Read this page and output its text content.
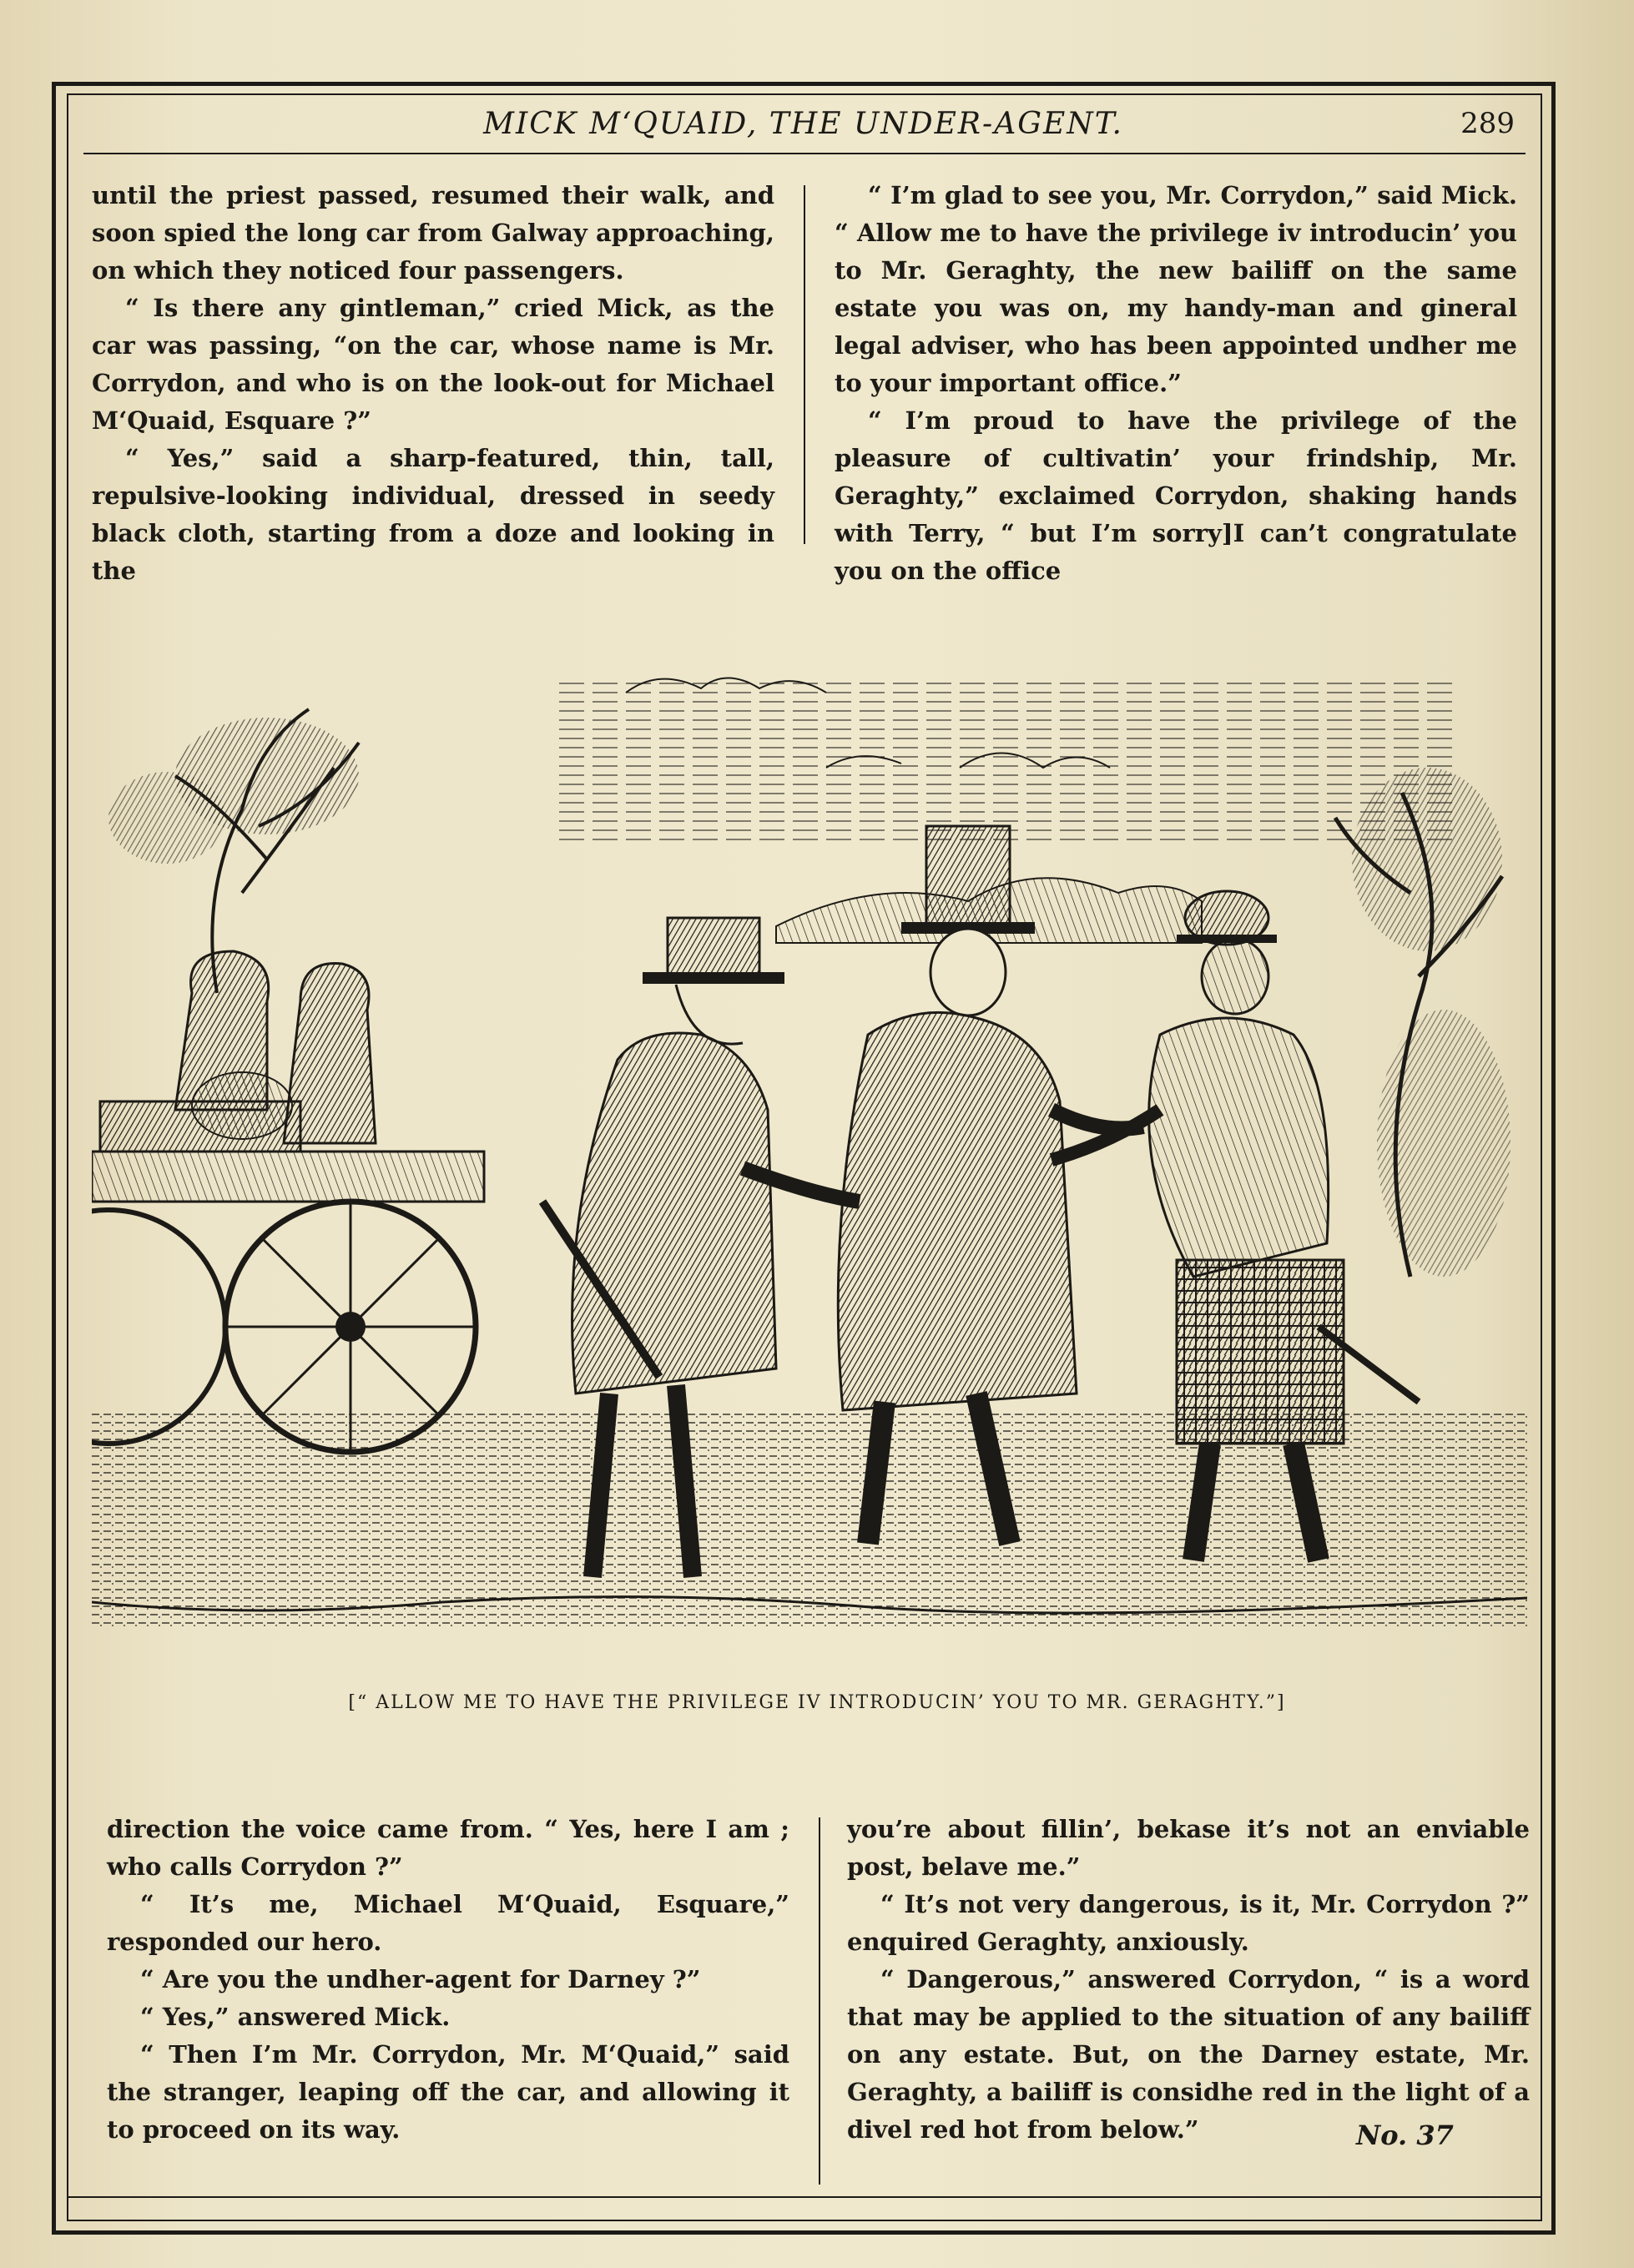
MICK M‘QUAID, THE UNDER-AGENT.	289

until the priest passed, resumed their walk, and soon spied the long car from Galway approaching, on which they noticed four passengers.

“ Is there any gintleman,” cried Mick, as the car was passing, “on the car, whose name is Mr. Corrydon, and who is on the look-out for Michael M‘Quaid, Esquare ?”

“ Yes,” said a sharp-featured, thin, tall, repulsive-looking individual, dressed in seedy black cloth, starting from a doze and looking in the

“ I’m glad to see you, Mr. Corrydon,” said Mick. “ Allow me to have the privilege iv introducin’ you to Mr. Geraghty, the new bailiff on the same estate you was on, my handy-man and gineral legal adviser, who has been appointed undher me to your important office.”

“ I’m proud to have the privilege of the pleasure of cultivatin’ your frindship, Mr. Geraghty,” exclaimed Corrydon, shaking hands with Terry, “ but I’m sorry]I can’t congratulate you on the office

[“ ALLOW ME TO HAVE THE PRIVILEGE IV INTRODUCIN’ YOU TO MR. GERAGHTY.”]

direction the voice came from. “ Yes, here I am ; who calls Corrydon ?”

“ It’s me, Michael M‘Quaid, Esquare,” responded our hero.

“ Are you the undher-agent for Darney ?”

“ Yes,” answered Mick.

“ Then I’m Mr. Corrydon, Mr. M‘Quaid,” said the stranger, leaping off the car, and allowing it to proceed on its way.

you’re about fillin’, bekase it’s not an enviable post, belave me.”

“ It’s not very dangerous, is it, Mr. Corrydon ?” enquired Geraghty, anxiously.

“ Dangerous,” answered Corrydon, “ is a word that may be applied to the situation of any bailiff on any estate. But, on the Darney estate, Mr. Geraghty, a bailiff is considhe red in the light of a divel red hot from below.”	No. 37
